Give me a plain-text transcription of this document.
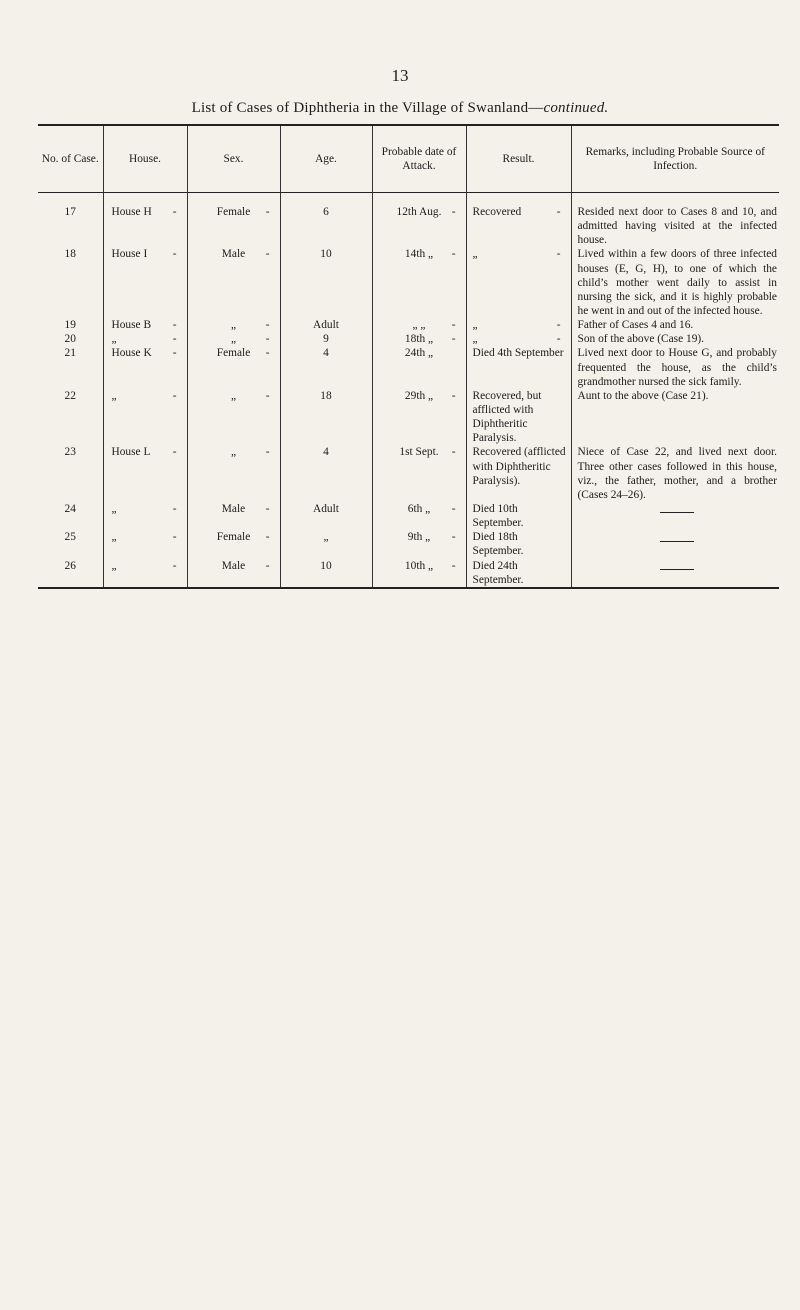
13
List of Cases of Diphtheria in the Village of Swanland—continued.
No. of Case.	House.	Sex.	Age.	Probable date of Attack.	Result.	Remarks, including Probable Source of Infection.

17	House H -	Female -	6	12th Aug. -	Recovered -	Resided next door to Cases 8 and 10, and admitted having visited at the infected house.
18	House I -	Male -	10	14th „ -	„ -	Lived within a few doors of three infected houses (E, G, H), to one of which the child’s mother went daily to assist in nursing the sick, and it is highly probable he went in and out of the infected house.
19	House B -	„ -	Adult	„ „ -	„ -	Father of Cases 4 and 16.
20	„ -	„ -	9	18th „ -	„ -	Son of the above (Case 19).
21	House K -	Female -	4	24th „	Died 4th September	Lived next door to House G, and probably frequented the house, as the child’s grandmother nursed the sick family.
22	„ -	„ -	18	29th „ -	Recovered, but afflicted with Diphtheritic Paralysis.	Aunt to the above (Case 21).
23	House L -	„ -	4	1st Sept. -	Recovered (afflicted with Diphtheritic Paralysis).	Niece of Case 22, and lived next door. Three other cases followed in this house, viz., the father, mother, and a brother (Cases 24–26).
24	„ -	Male -	Adult	6th „ -	Died 10th September.

25	„ -	Female -	„	9th „ -	Died 18th September.

26	„ -	Male -	10	10th „ -	Died 24th September.
